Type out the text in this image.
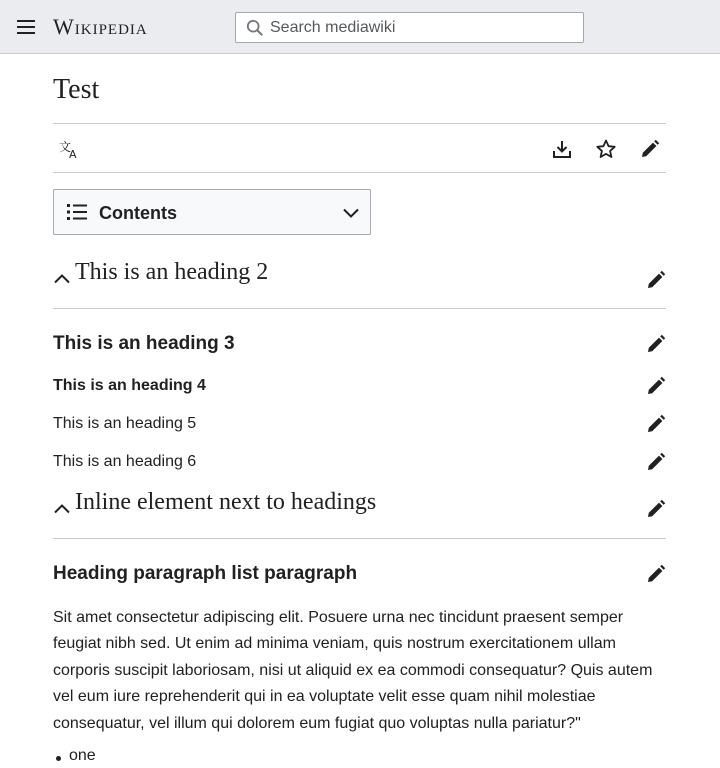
Wikipedia
Search mediawiki
Test
文
A
Contents
This is an heading 2
This is an heading 3
This is an heading 4
This is an heading 5
This is an heading 6
Inline element next to headings
Heading paragraph list paragraph

Sit amet consectetur adipiscing elit. Posuere urna nec tincidunt praesent semper feugiat nibh sed. Ut enim ad minima veniam, quis nostrum exercitationem ullam corporis suscipit laboriosam, nisi ut aliquid ex ea commodi consequatur? Quis autem vel eum iure reprehenderit qui in ea voluptate velit esse quam nihil molestiae consequatur, vel illum qui dolorem eum fugiat quo voluptas nulla pariatur?"

one
